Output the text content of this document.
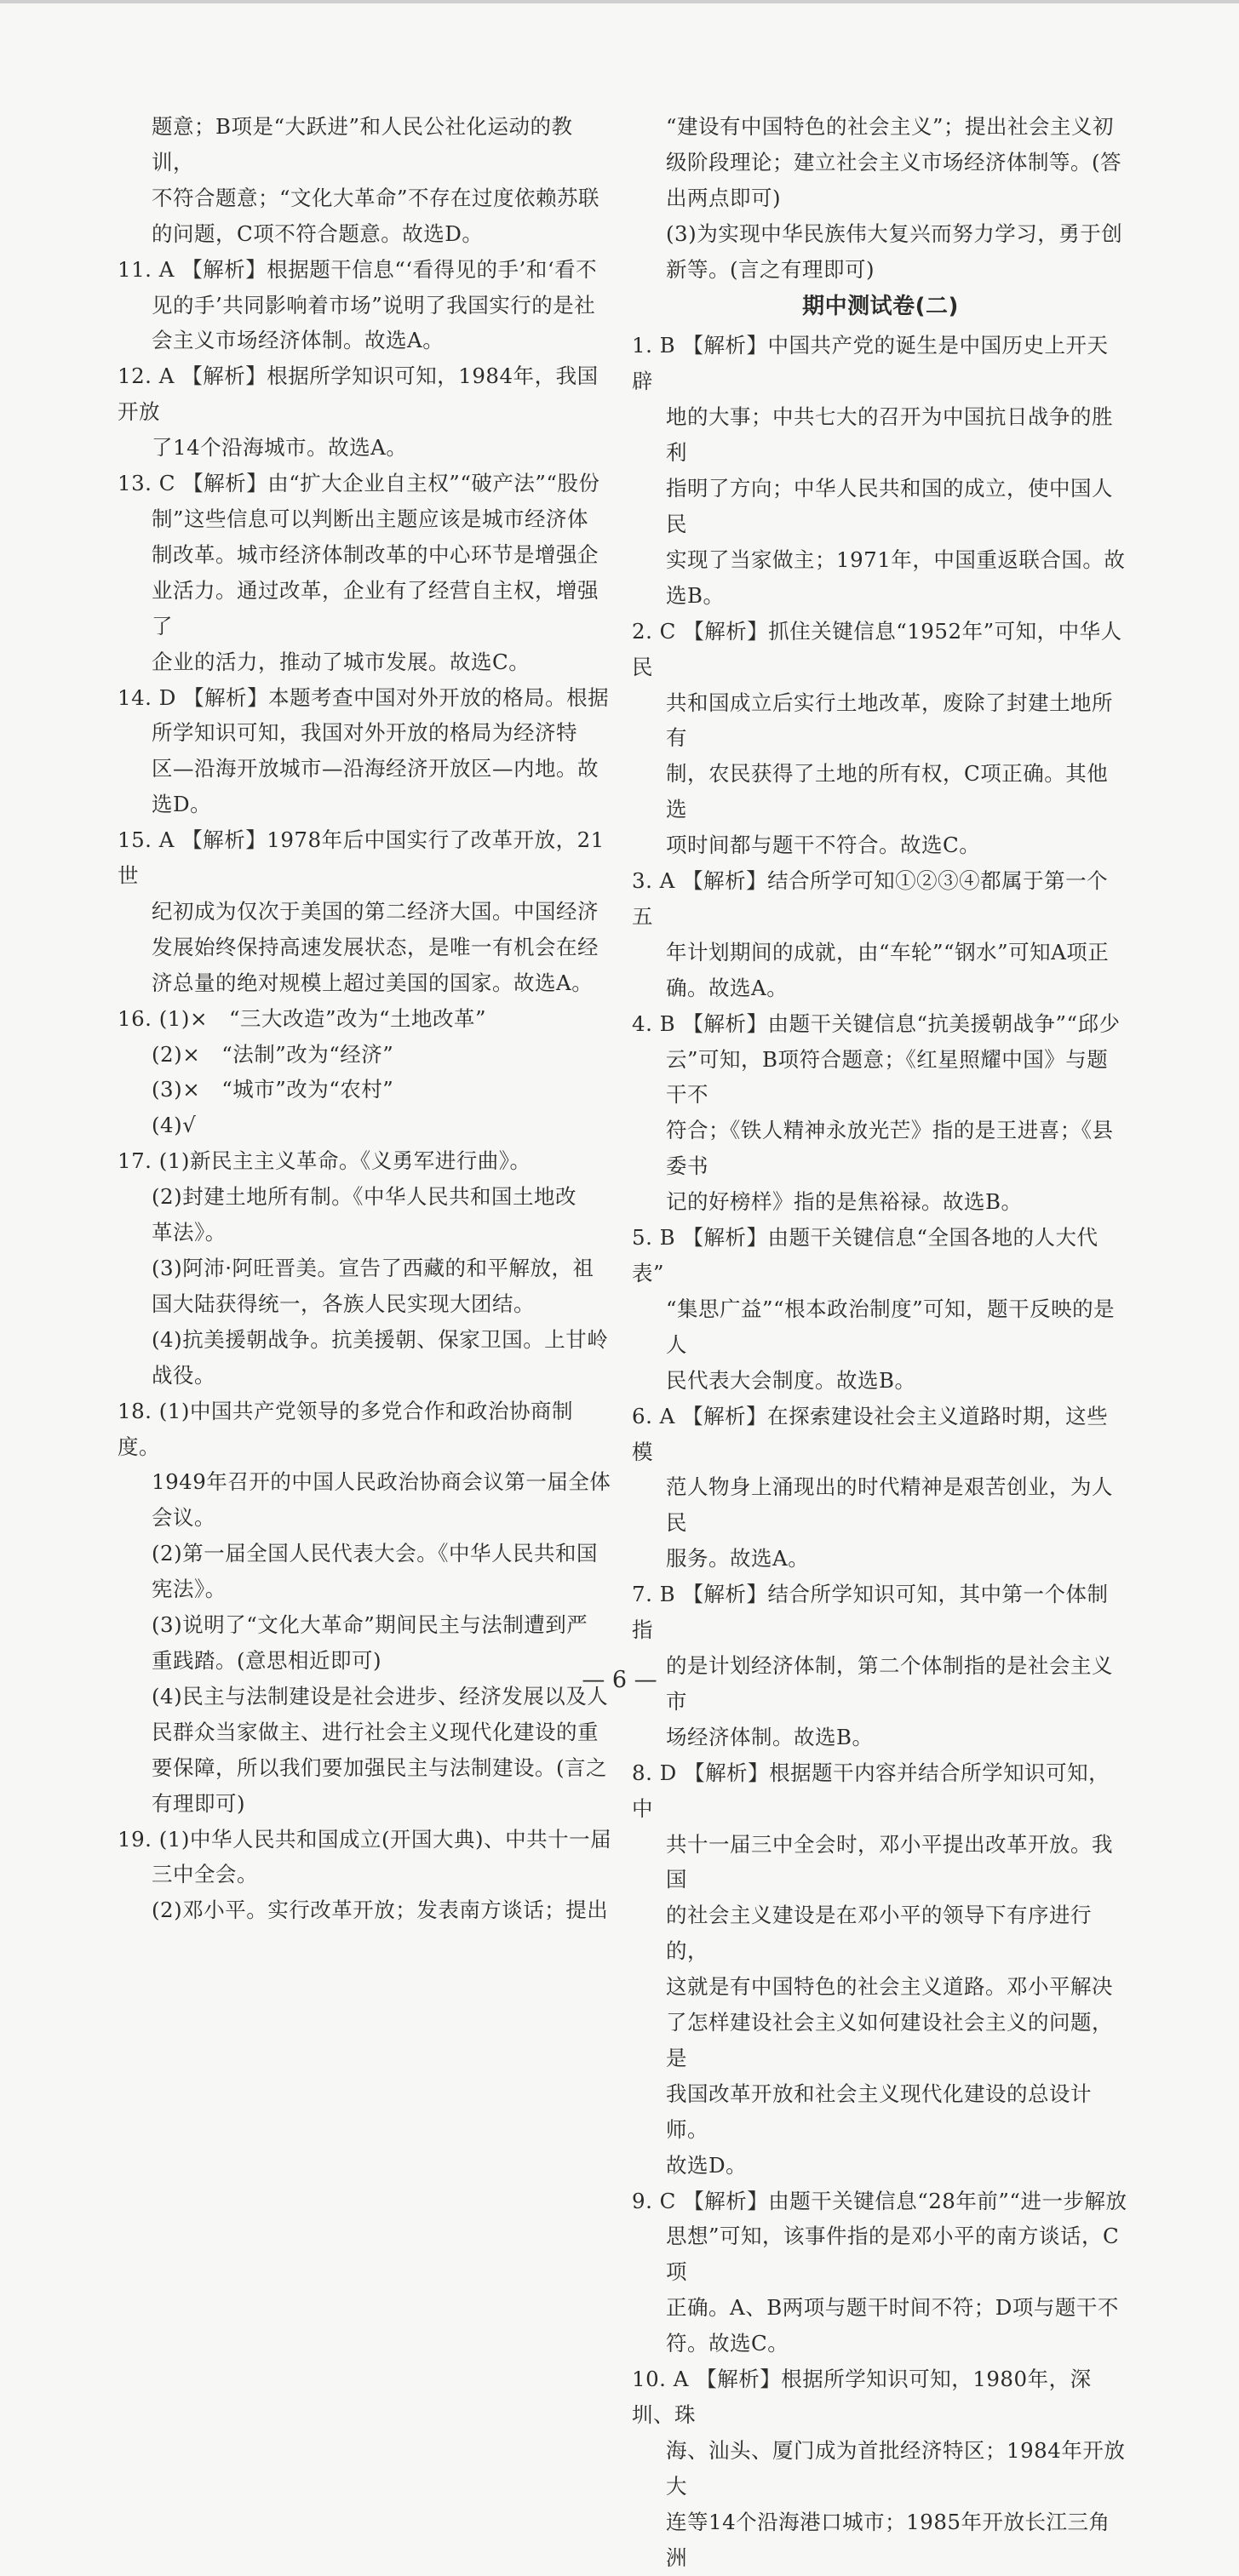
题意；B项是“大跃进”和人民公社化运动的教训，
不符合题意；“文化大革命”不存在过度依赖苏联
的问题，C项不符合题意。故选D。
11. A 【解析】根据题干信息“‘看得见的手’和‘看不
见的手’共同影响着市场”说明了我国实行的是社
会主义市场经济体制。故选A。
12. A 【解析】根据所学知识可知，1984年，我国开放
了14个沿海城市。故选A。
13. C 【解析】由“扩大企业自主权”“破产法”“股份
制”这些信息可以判断出主题应该是城市经济体
制改革。城市经济体制改革的中心环节是增强企
业活力。通过改革，企业有了经营自主权，增强了
企业的活力，推动了城市发展。故选C。
14. D 【解析】本题考查中国对外开放的格局。根据
所学知识可知，我国对外开放的格局为经济特
区—沿海开放城市—沿海经济开放区—内地。故
选D。
15. A 【解析】1978年后中国实行了改革开放，21世
纪初成为仅次于美国的第二经济大国。中国经济
发展始终保持高速发展状态，是唯一有机会在经
济总量的绝对规模上超过美国的国家。故选A。
16. (1)×　“三大改造”改为“土地改革”
(2)×　“法制”改为“经济”
(3)×　“城市”改为“农村”
(4)√
17. (1)新民主主义革命。《义勇军进行曲》。
(2)封建土地所有制。《中华人民共和国土地改
革法》。
(3)阿沛·阿旺晋美。宣告了西藏的和平解放，祖
国大陆获得统一，各族人民实现大团结。
(4)抗美援朝战争。抗美援朝、保家卫国。上甘岭
战役。
18. (1)中国共产党领导的多党合作和政治协商制度。
1949年召开的中国人民政治协商会议第一届全体
会议。
(2)第一届全国人民代表大会。《中华人民共和国
宪法》。
(3)说明了“文化大革命”期间民主与法制遭到严
重践踏。(意思相近即可)
(4)民主与法制建设是社会进步、经济发展以及人
民群众当家做主、进行社会主义现代化建设的重
要保障，所以我们要加强民主与法制建设。(言之
有理即可)
19. (1)中华人民共和国成立(开国大典)、中共十一届
三中全会。
(2)邓小平。实行改革开放；发表南方谈话；提出
“建设有中国特色的社会主义”；提出社会主义初
级阶段理论；建立社会主义市场经济体制等。(答
出两点即可)
(3)为实现中华民族伟大复兴而努力学习，勇于创
新等。(言之有理即可)
期中测试卷(二)
1. B 【解析】中国共产党的诞生是中国历史上开天辟
地的大事；中共七大的召开为中国抗日战争的胜利
指明了方向；中华人民共和国的成立，使中国人民
实现了当家做主；1971年，中国重返联合国。故
选B。
2. C 【解析】抓住关键信息“1952年”可知，中华人民
共和国成立后实行土地改革，废除了封建土地所有
制，农民获得了土地的所有权，C项正确。其他选
项时间都与题干不符合。故选C。
3. A 【解析】结合所学可知①②③④都属于第一个五
年计划期间的成就，由“车轮”“钢水”可知A项正
确。故选A。
4. B 【解析】由题干关键信息“抗美援朝战争”“邱少
云”可知，B项符合题意；《红星照耀中国》与题干不
符合；《铁人精神永放光芒》指的是王进喜；《县委书
记的好榜样》指的是焦裕禄。故选B。
5. B 【解析】由题干关键信息“全国各地的人大代表”
“集思广益”“根本政治制度”可知，题干反映的是人
民代表大会制度。故选B。
6. A 【解析】在探索建设社会主义道路时期，这些模
范人物身上涌现出的时代精神是艰苦创业，为人民
服务。故选A。
7. B 【解析】结合所学知识可知，其中第一个体制指
的是计划经济体制，第二个体制指的是社会主义市
场经济体制。故选B。
8. D 【解析】根据题干内容并结合所学知识可知，中
共十一届三中全会时，邓小平提出改革开放。我国
的社会主义建设是在邓小平的领导下有序进行的，
这就是有中国特色的社会主义道路。邓小平解决
了怎样建设社会主义如何建设社会主义的问题，是
我国改革开放和社会主义现代化建设的总设计师。
故选D。
9. C 【解析】由题干关键信息“28年前”“进一步解放
思想”可知，该事件指的是邓小平的南方谈话，C项
正确。A、B两项与题干时间不符；D项与题干不
符。故选C。
10. A 【解析】根据所学知识可知，1980年，深圳、珠
海、汕头、厦门成为首批经济特区；1984年开放大
连等14个沿海港口城市；1985年开放长江三角洲
— 6 —
